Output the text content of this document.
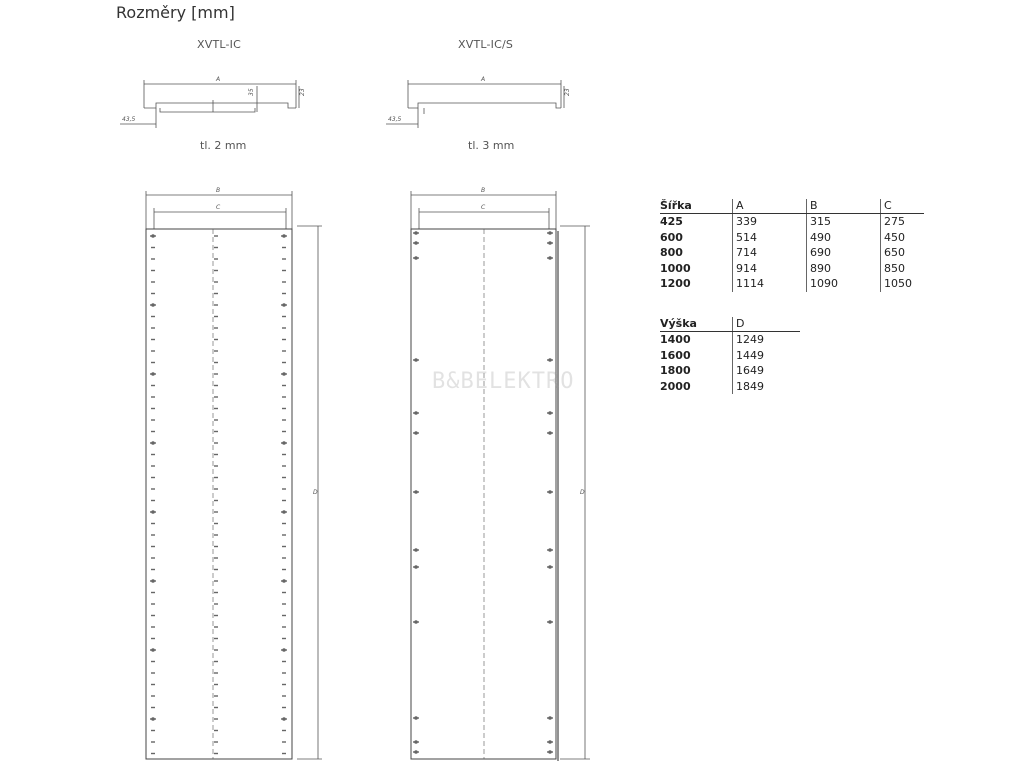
Rozměry [mm]
XVTL-IC	XVTL-IC/S
tl. 2 mm	tl. 3 mm
A
35	23
43,5
A
23
43,5
B
C
D
B
C
D
B&BELEKTRO
Šířka	A	B	C
425	339	315	275
600	514	490	450
800	714	690	650
1000	914	890	850
1200	1114	1090	1050
Výška	D
1400	1249
1600	1449
1800	1649
2000	1849
